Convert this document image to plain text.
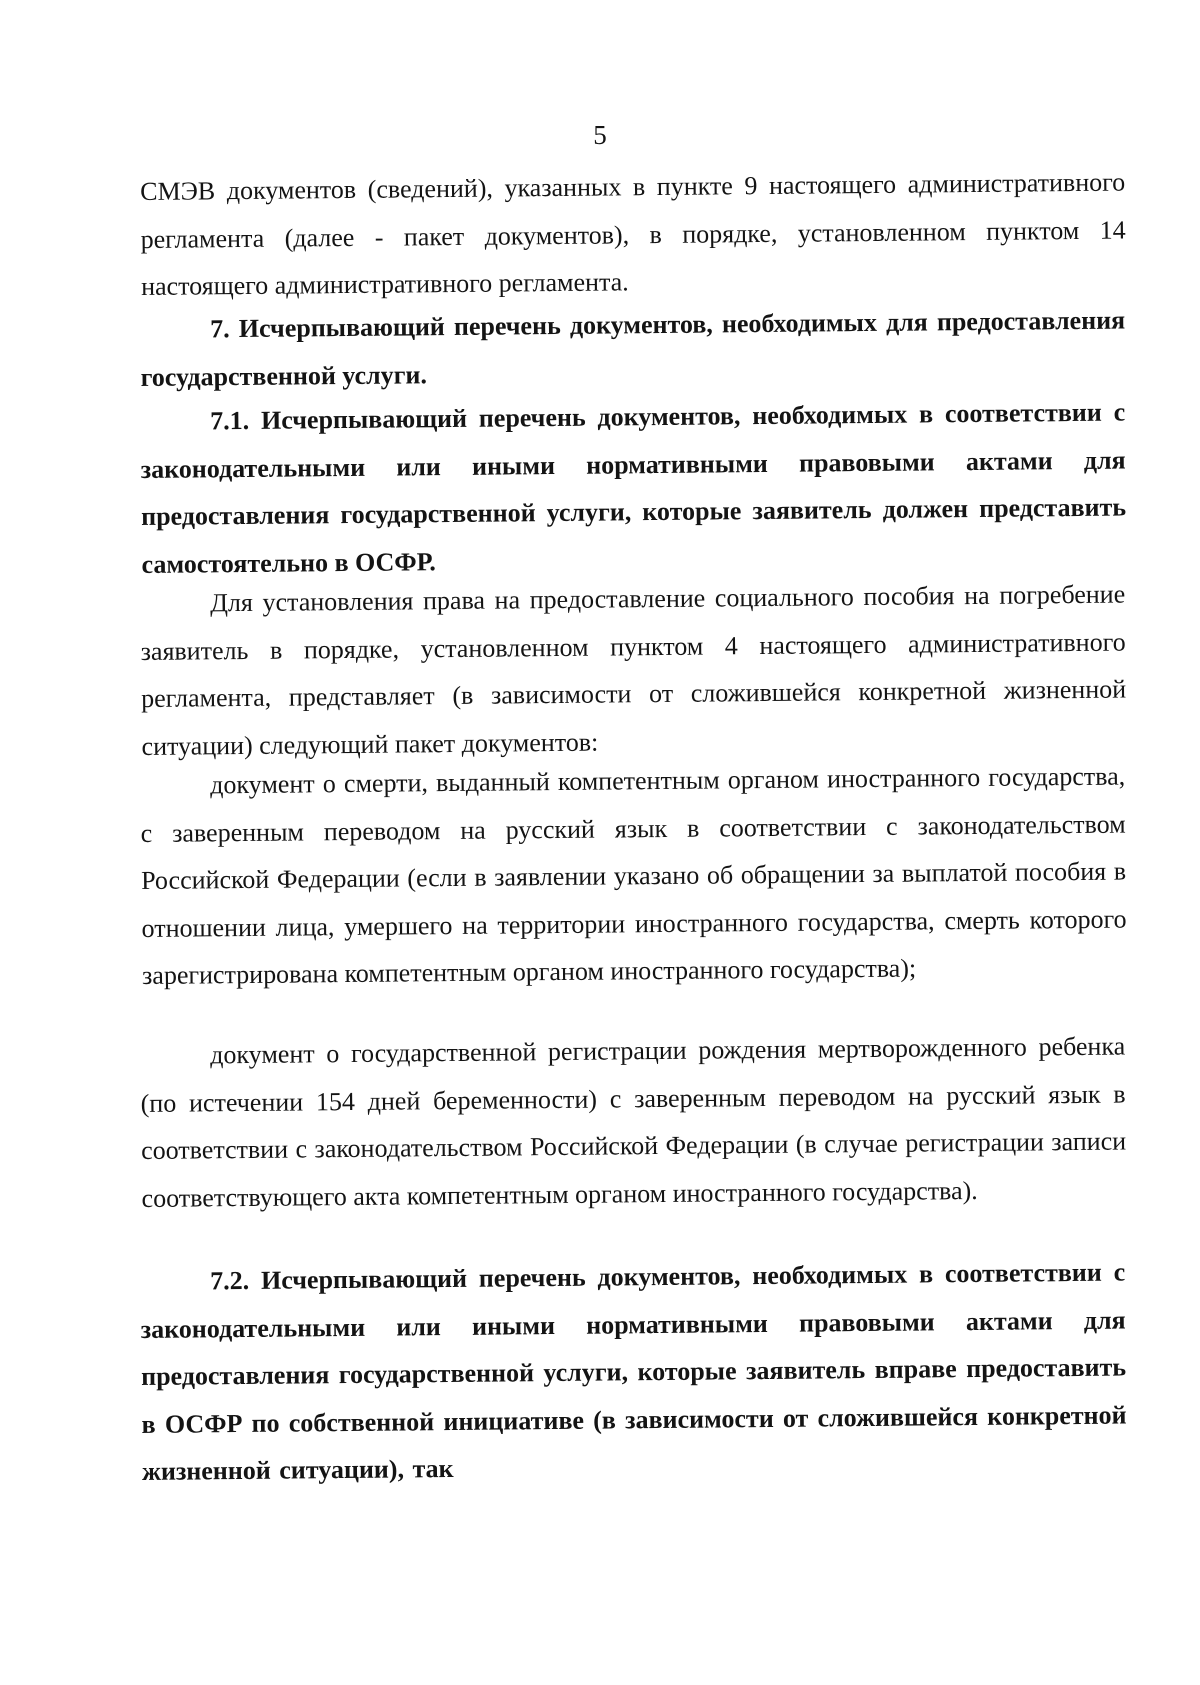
5

СМЭВ документов (сведений), указанных в пункте 9 настоящего административного регламента (далее - пакет документов), в порядке, установленном пунктом 14 настоящего административного регламента.

7. Исчерпывающий перечень документов, необходимых для предоставления государственной услуги.

7.1. Исчерпывающий перечень документов, необходимых в соответствии с законодательными или иными нормативными правовыми актами для предоставления государственной услуги, которые заявитель должен представить самостоятельно в ОСФР.

Для установления права на предоставление социального пособия на погребение заявитель в порядке, установленном пунктом 4 настоящего административного регламента, представляет (в зависимости от сложившейся конкретной жизненной ситуации) следующий пакет документов:

документ о смерти, выданный компетентным органом иностранного государства, с заверенным переводом на русский язык в соответствии с законодательством Российской Федерации (если в заявлении указано об обращении за выплатой пособия в отношении лица, умершего на территории иностранного государства, смерть которого зарегистрирована компетентным органом иностранного государства);

документ о государственной регистрации рождения мертворожденного ребенка (по истечении 154 дней беременности) с заверенным переводом на русский язык в соответствии с законодательством Российской Федерации (в случае регистрации записи соответствующего акта компетентным органом иностранного государства).

7.2. Исчерпывающий перечень документов, необходимых в соответствии с законодательными или иными нормативными правовыми актами для предоставления государственной услуги, которые заявитель вправе предоставить в ОСФР по собственной инициативе (в зависимости от сложившейся конкретной жизненной ситуации), так
